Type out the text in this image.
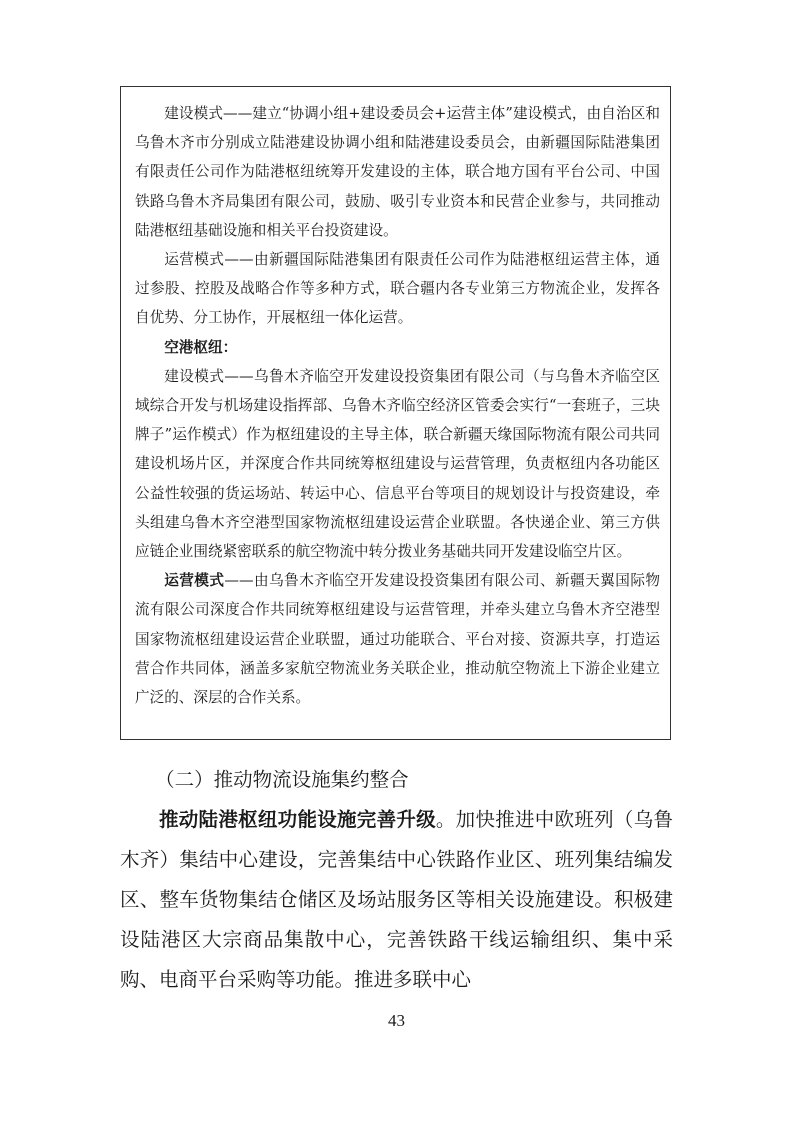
建设模式——建立“协调小组+建设委员会+运营主体”建设模式，由自治区和乌鲁木齐市分别成立陆港建设协调小组和陆港建设委员会，由新疆国际陆港集团有限责任公司作为陆港枢纽统筹开发建设的主体，联合地方国有平台公司、中国铁路乌鲁木齐局集团有限公司，鼓励、吸引专业资本和民营企业参与，共同推动陆港枢纽基础设施和相关平台投资建设。

运营模式——由新疆国际陆港集团有限责任公司作为陆港枢纽运营主体，通过参股、控股及战略合作等多种方式，联合疆内各专业第三方物流企业，发挥各自优势、分工协作，开展枢纽一体化运营。

空港枢纽：

建设模式——乌鲁木齐临空开发建设投资集团有限公司（与乌鲁木齐临空区域综合开发与机场建设指挥部、乌鲁木齐临空经济区管委会实行“一套班子，三块牌子”运作模式）作为枢纽建设的主导主体，联合新疆天缘国际物流有限公司共同建设机场片区，并深度合作共同统筹枢纽建设与运营管理，负责枢纽内各功能区公益性较强的货运场站、转运中心、信息平台等项目的规划设计与投资建设，牵头组建乌鲁木齐空港型国家物流枢纽建设运营企业联盟。各快递企业、第三方供应链企业围绕紧密联系的航空物流中转分拨业务基础共同开发建设临空片区。

运营模式——由乌鲁木齐临空开发建设投资集团有限公司、新疆天翼国际物流有限公司深度合作共同统筹枢纽建设与运营管理，并牵头建立乌鲁木齐空港型国家物流枢纽建设运营企业联盟，通过功能联合、平台对接、资源共享，打造运营合作共同体，涵盖多家航空物流业务关联企业，推动航空物流上下游企业建立广泛的、深层的合作关系。

（二）推动物流设施集约整合

推动陆港枢纽功能设施完善升级。加快推进中欧班列（乌鲁木齐）集结中心建设，完善集结中心铁路作业区、班列集结编发区、整车货物集结仓储区及场站服务区等相关设施建设。积极建设陆港区大宗商品集散中心，完善铁路干线运输组织、集中采购、电商平台采购等功能。推进多联中心

43
